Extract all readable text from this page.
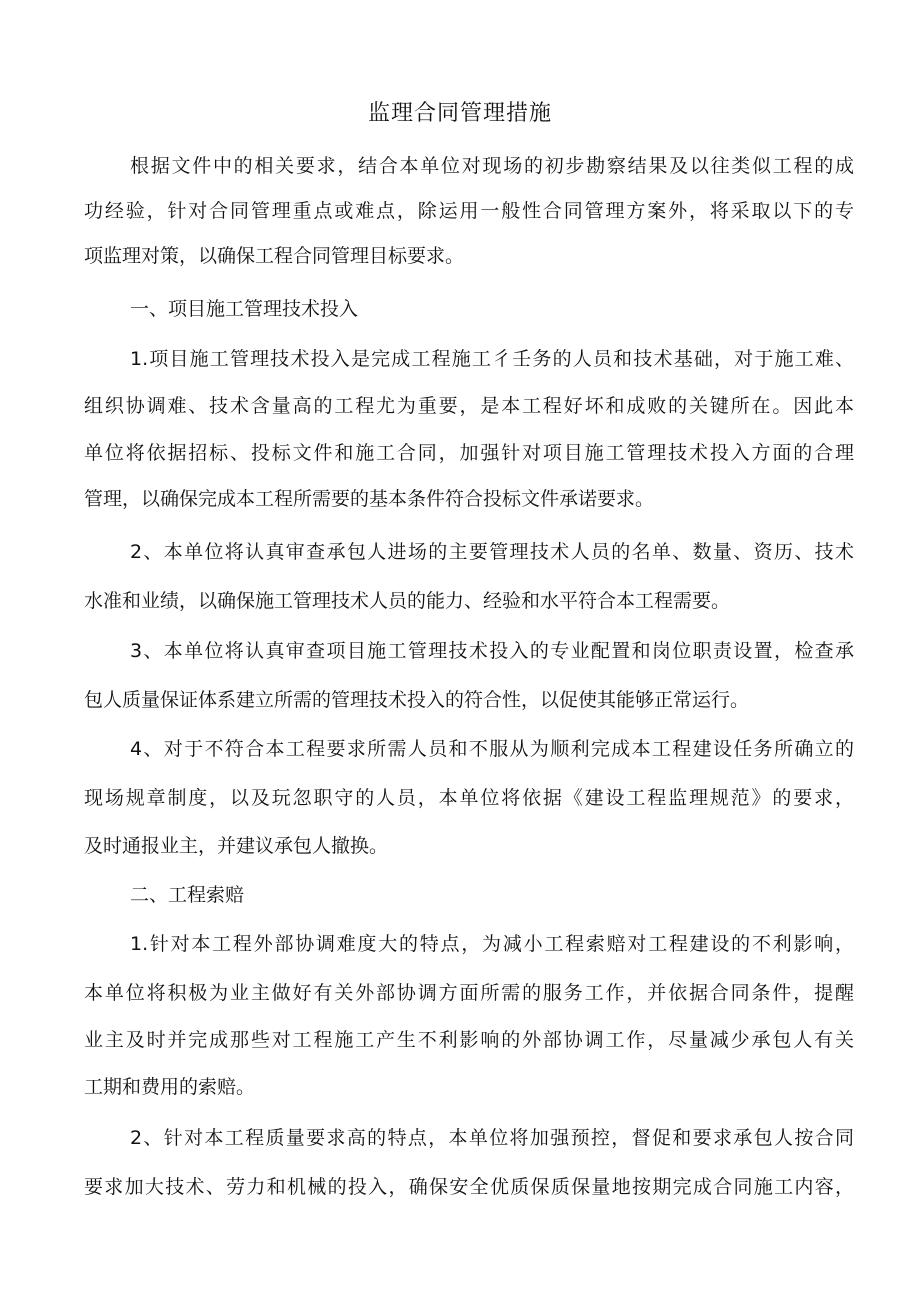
监理合同管理措施
根据文件中的相关要求，结合本单位对现场的初步勘察结果及以往类似工程的成
功经验，针对合同管理重点或难点，除运用一般性合同管理方案外，将采取以下的专
项监理对策，以确保工程合同管理目标要求。
一、项目施工管理技术投入
1.项目施工管理技术投入是完成工程施工彳壬务的人员和技术基础，对于施工难、
组织协调难、技术含量高的工程尤为重要，是本工程好坏和成败的关键所在。因此本
单位将依据招标、投标文件和施工合同，加强针对项目施工管理技术投入方面的合理
管理，以确保完成本工程所需要的基本条件符合投标文件承诺要求。
2、本单位将认真审查承包人进场的主要管理技术人员的名单、数量、资历、技术
水准和业绩，以确保施工管理技术人员的能力、经验和水平符合本工程需要。
3、本单位将认真审查项目施工管理技术投入的专业配置和岗位职责设置，检查承
包人质量保证体系建立所需的管理技术投入的符合性，以促使其能够正常运行。
4、对于不符合本工程要求所需人员和不服从为顺利完成本工程建设任务所确立的
现场规章制度，以及玩忽职守的人员，本单位将依据《建设工程监理规范》的要求，
及时通报业主，并建议承包人撤换。
二、工程索赔
1.针对本工程外部协调难度大的特点，为减小工程索赔对工程建设的不利影响，
本单位将积极为业主做好有关外部协调方面所需的服务工作，并依据合同条件，提醒
业主及时并完成那些对工程施工产生不利影响的外部协调工作，尽量减少承包人有关
工期和费用的索赔。
2、针对本工程质量要求高的特点，本单位将加强预控，督促和要求承包人按合同
要求加大技术、劳力和机械的投入，确保安全优质保质保量地按期完成合同施工内容，
